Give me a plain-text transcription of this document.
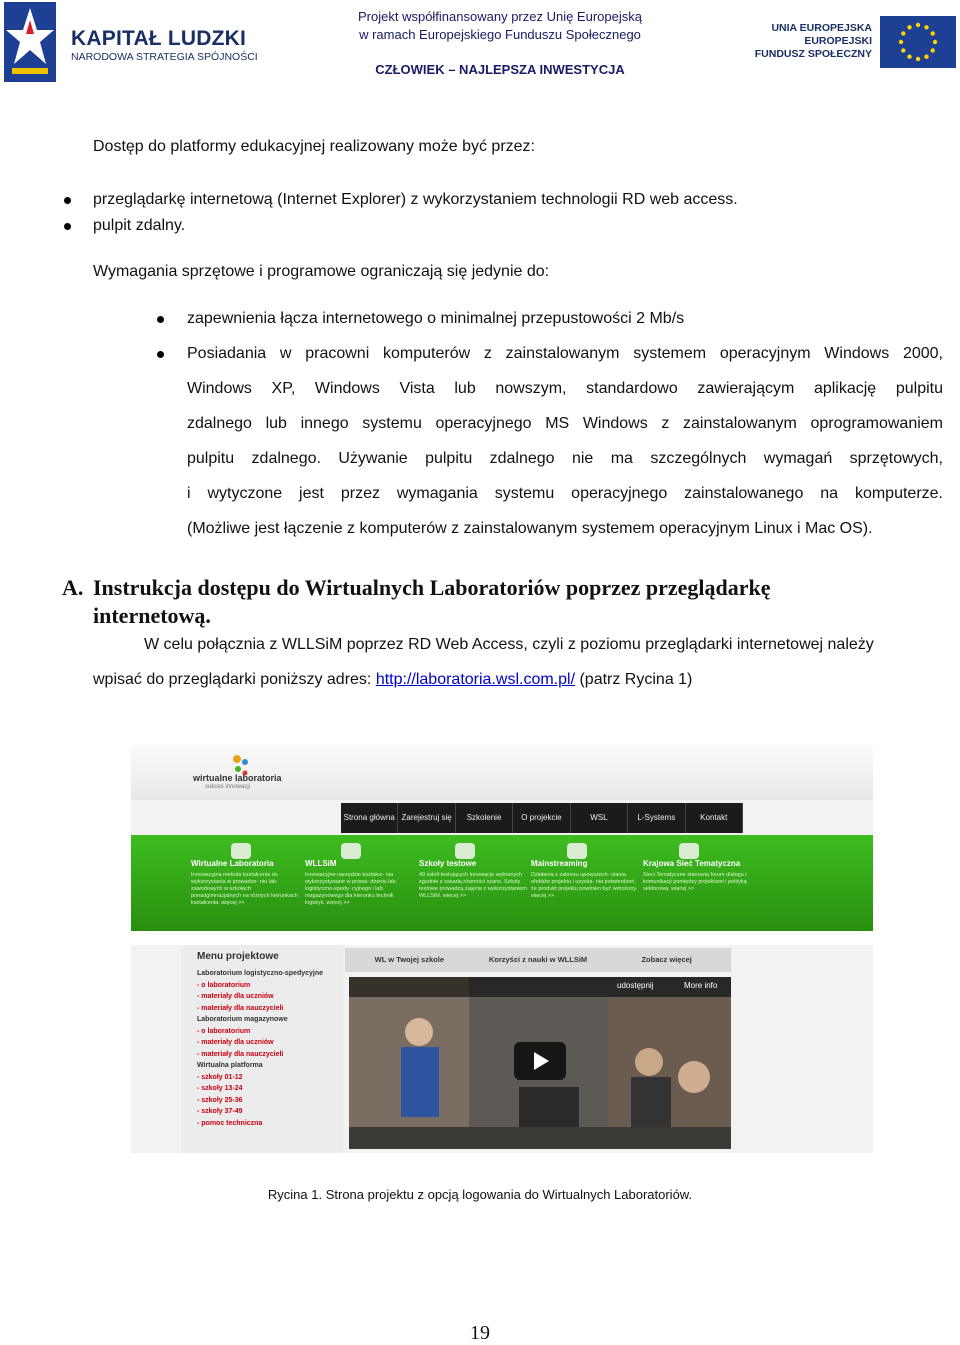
KAPITAŁ LUDZKI
NARODOWA STRATEGIA SPÓJNOŚCI
Projekt współfinansowany przez Unię Europejską
w ramach Europejskiego Funduszu Społecznego
CZŁOWIEK – NAJLEPSZA INWESTYCJA
UNIA EUROPEJSKA
EUROPEJSKI
FUNDUSZ SPOŁECZNY
Dostęp do platformy edukacyjnej realizowany może być przez:
przeglądarkę internetową (Internet Explorer) z wykorzystaniem technologii RD web access.
pulpit zdalny.
Wymagania sprzętowe i programowe ograniczają się jedynie do:
zapewnienia łącza internetowego o minimalnej przepustowości 2 Mb/s
Posiadania w pracowni komputerów z zainstalowanym systemem operacyjnym Windows 2000,
Windows XP, Windows Vista lub nowszym, standardowo zawierającym aplikację pulpitu
zdalnego lub innego systemu operacyjnego MS Windows z zainstalowanym oprogramowaniem
pulpitu zdalnego. Używanie pulpitu zdalnego nie ma szczególnych wymagań sprzętowych,
i wytyczone jest przez wymagania systemu operacyjnego zainstalowanego na komputerze.
(Możliwe jest łączenie z komputerów z zainstalowanym systemem operacyjnym Linux i Mac OS).
A. Instrukcja dostępu do Wirtualnych Laboratoriów poprzez przeglądarkę
internetową.
W celu połącznia z WLLSiM poprzez RD Web Access, czyli z poziomu przeglądarki internetowej należy
wpisać do przeglądarki poniższy adres: http://laboratoria.wsl.com.pl/ (patrz Rycina 1)
wirtualne laboratoria
sukces innowacji
Strona główna Zarejestruj się	Szkolenie	O projekcie	WSL	L-Systems	Kontakt
Wirtualne Laboratoria
Innowacyjna metoda kształcenia do wykorzystania w prowadze- niu lab. zawodowych w szkołach ponadgimnazjalnych na różnych kierunkach kształcenia. więcej >>
WLLSiM
Innowacyjne narzędzie kształce- nia wykorzystywane w prowa- dzeniu lab. logistyczno-spedy- cyjnego i lab. magazynowego dla kierunku technik logistyk. więcej >>
Szkoły testowe
49 szkół testujących innowacje wybranych zgodnie z zasadą równości szans. Szkoły testowe prowadzą zajęcia z wykorzystaniem WLLSiM. więcej >>
Mainstreaming
Działania z zakresu upowszech- niania efektów projektu i uzyska- nia potwierdzeń, że produkt projektu powinien być wdrożony. więcej >>
Krajowa Sieć Tematyczna
Sieci Tematyczne stanowią forum dialogu i komunikacji pomiędzy projektami i polityką sektorową. więcej >>
Menu projektowe
Laboratorium logistyczno-spedycyjne
- o laboratorium
- materiały dla uczniów
- materiały dla nauczycieli
Laboratorium magazynowe
- o laboratorium
- materiały dla uczniów
- materiały dla nauczycieli
Wirtualna platforma
- szkoły 01-12
- szkoły 13-24
- szkoły 25-36
- szkoły 37-49
- pomoc techniczna
WL w Twojej szkole	Korzyści z nauki w WLLSiM	Zobacz więcej
udostępnij	More info
Rycina 1. Strona projektu z opcją logowania do Wirtualnych Laboratoriów.
19
